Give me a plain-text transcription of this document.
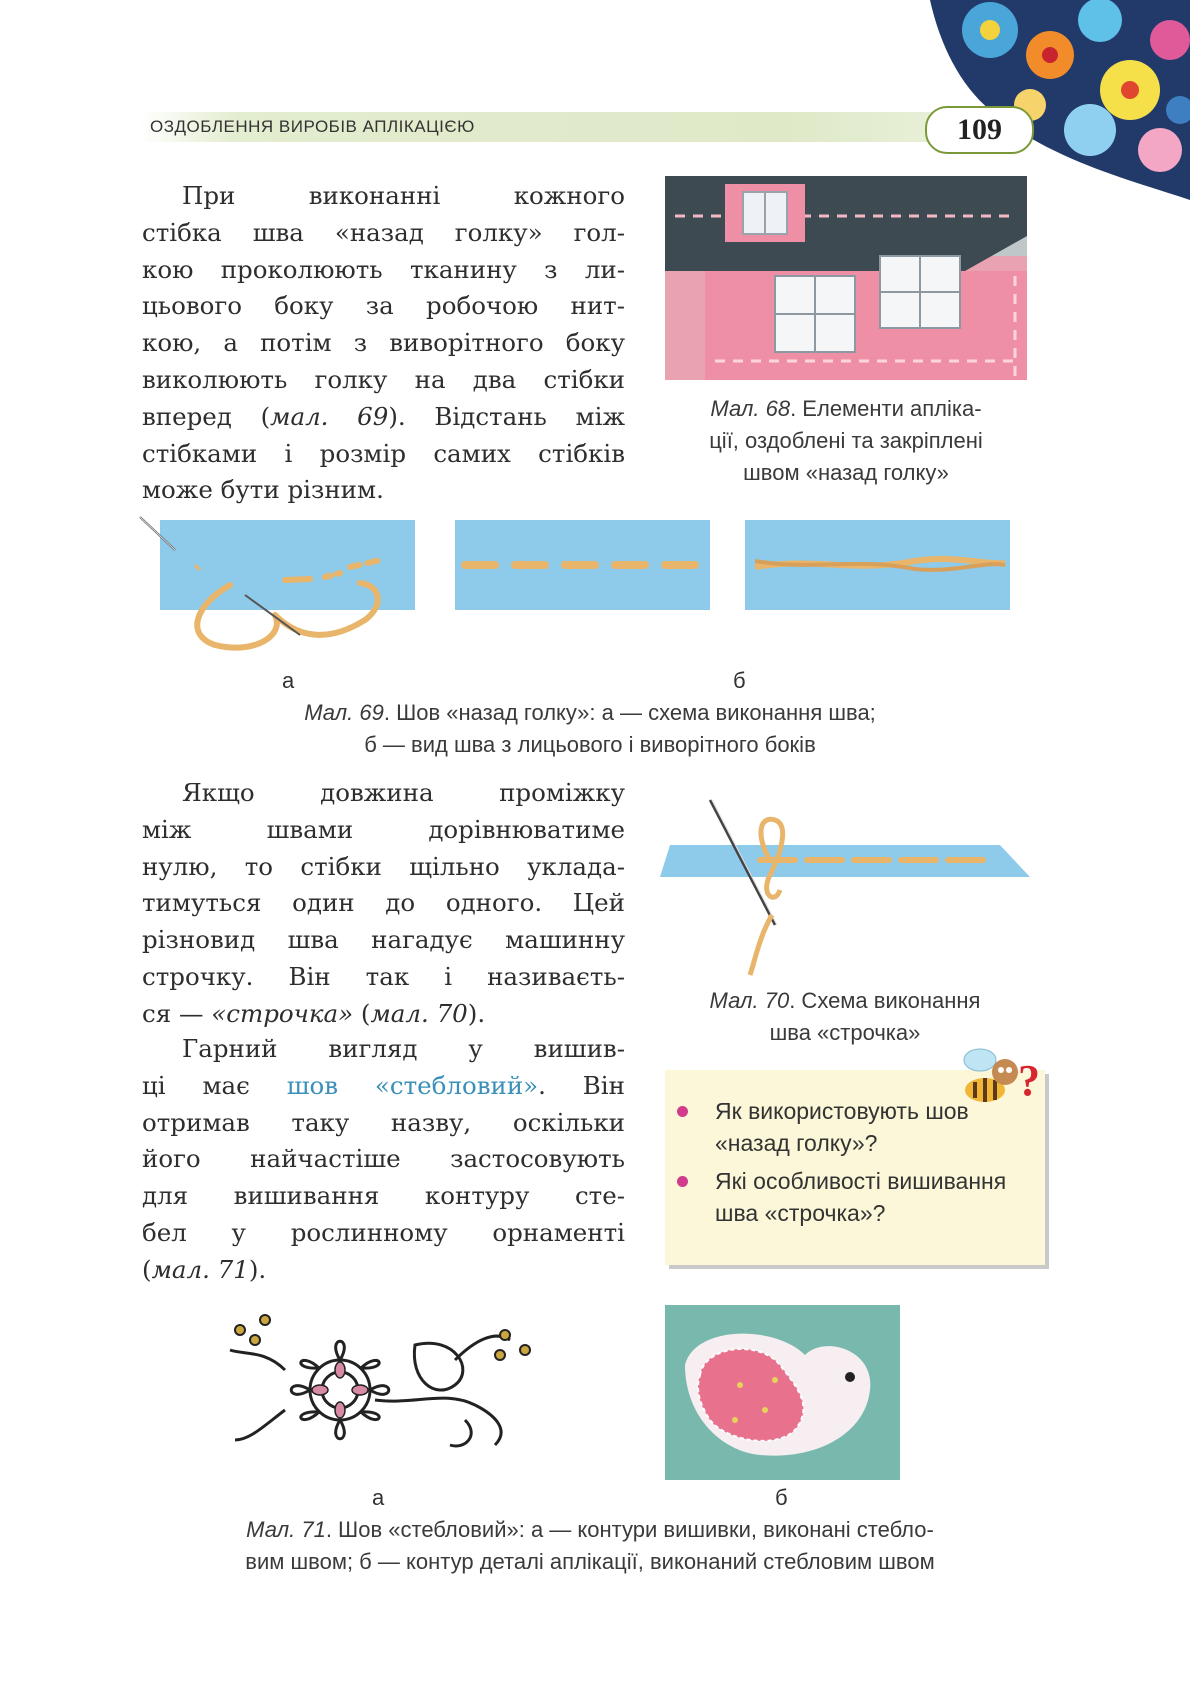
ОЗДОБЛЕННЯ ВИРОБІВ АПЛІКАЦІЄЮ	109
При виконанні кожного
стібка шва «назад голку» гол-
кою проколюють тканину з ли-
цьового боку за робочою нит-
кою, а потім з виворітного боку
виколюють голку на два стібки
вперед (мал. 69). Відстань між
стібками і розмір самих стібків
може бути різним.
Мал. 68. Елементи апліка-
ції, оздоблені та закріплені
швом «назад голку»
а	б
Мал. 69. Шов «назад голку»: а — схема виконання шва;
б — вид шва з лицьового і виворітного боків
Якщо довжина проміжку
між швами дорівнюватиме
нулю, то стібки щільно уклада-
тимуться один до одного. Цей
різновид шва нагадує машинну
строчку. Він так і називаєть-
ся — «строчка» (мал. 70).	Мал. 70. Схема виконання
шва «строчка»
Гарний вигляд у вишив-
ці має шов «стебловий». Він
отримав таку назву, оскільки
його найчастіше застосовують
для вишивання контуру сте-
бел у рослинному орнаменті
(мал. 71).
Як використовують шов «назад голку»?
Які особливості вишивання шва «строчка»?
?
а	б
Мал. 71. Шов «стебловий»: а — контури вишивки, виконані стебло-
вим швом; б — контур деталі аплікації, виконаний стебловим швом
